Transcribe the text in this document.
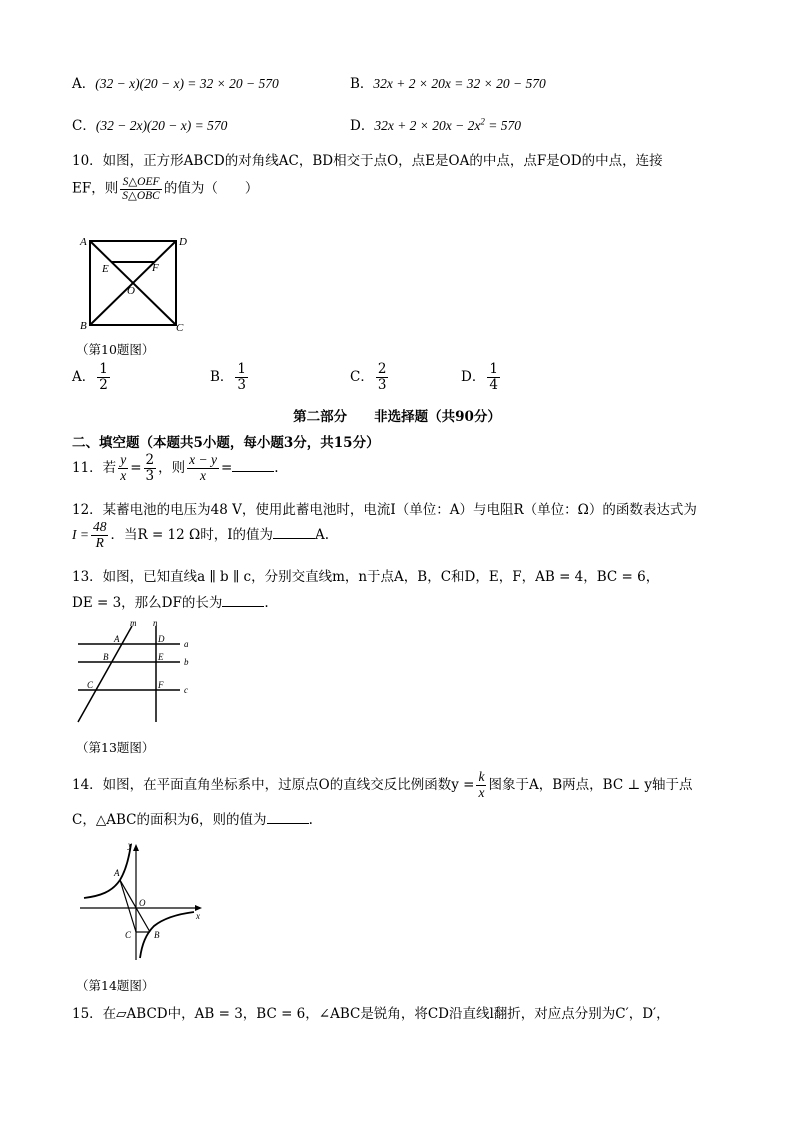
A．(32 − x)(20 − x) = 32 × 20 − 570	B．32x + 2 × 20x = 32 × 20 − 570
C．(32 − 2x)(20 − x) = 570	D．$32x + 2 \times 20x - 2x^2 = 570$
10．如图，正方形ABCD的对角线AC，BD相交于点O，点E是OA的中点，点F是OD的中点，连接
EF，则 $\frac{\text{S△OEF}}{\text{S△OBC}}$ 的值为（　　）
A	D
E	F
O
B	C
（第10题图）
A． $\frac{1}{2}$	B． $\frac{1}{3}$	C． $\frac{2}{3}$	D． $\frac{1}{4}$
第二部分　　非选择题（共90分）
二、填空题（本题共5小题，每小题3分，共15分）
11．若 $\frac{y}{x} = \frac{2}{3}$ ，则 $\frac{x - y}{x}$ =	.
12．某蓄电池的电压为48 V，使用此蓄电池时，电流I（单位：A）与电阻R（单位：Ω）的函数表达式为
$I = \frac{48}{R}$ ．当R = 12 Ω时，I的值为	A.
13．如图，已知直线a ∥ b ∥ c，分别交直线m，n于点A，B，C和D，E，F，AB = 4，BC = 6，
DE = 3，那么DF的长为	.
m n
A	D a
B	E b
C	F c
（第13题图）
14．如图，在平面直角坐标系中，过原点O的直线交反比例函数$y = \frac{k}{x}$ 图象于A，B两点，BC ⊥ y轴于点
C，△ABC的面积为6，则的值为	.
y
A
O
x
C	B
（第14题图）
15．在▱ABCD中，AB = 3，BC = 6，∠ABC是锐角，将CD沿直线l翻折，对应点分别为C′，D′，
